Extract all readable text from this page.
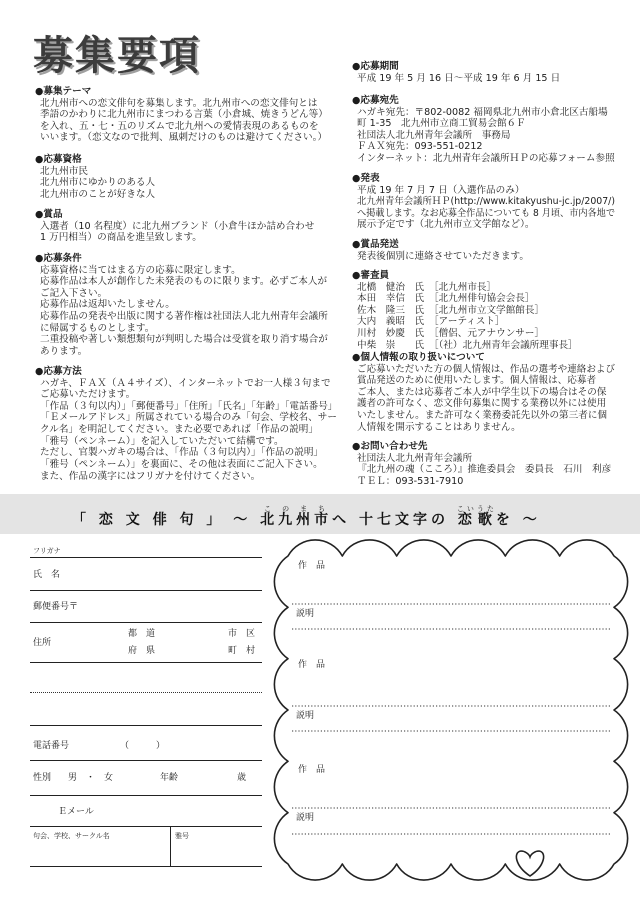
募集要項
●募集テーマ
北九州市への恋文俳句を募集します。北九州市への恋文俳句とは
季語のかわりに北九州市にまつわる言葉（小倉城、焼きうどん等）
を入れ、五・七・五のリズムで北九州への愛情表現のあるものを
いいます。（恋文なので批判、風刺だけのものは避けてください。）
●応募資格
北九州市民
北九州市にゆかりのある人
北九州市のことが好きな人
●賞品
入選者（10 名程度）に北九州ブランド（小倉牛ほか詰め合わせ
1 万円相当）の商品を進呈致します。
●応募条件
応募資格に当てはまる方の応募に限定します。
応募作品は本人が創作した未発表のものに限ります。必ずご本人が
ご記入下さい。
応募作品は返却いたしません。
応募作品の発表や出版に関する著作権は社団法人北九州青年会議所
に帰属するものとします。
二重投稿や著しい類想類句が判明した場合は受賞を取り消す場合が
あります。
●応募方法
ハガキ、ＦＡＸ（Ａ４サイズ）、インターネットでお一人様３句まで
ご応募いただけます。
「作品（３句以内）」「郵便番号」「住所」「氏名」「年齢」「電話番号」
「Ｅメールアドレス」所属されている場合のみ「句会、学校名、サー
クル名」を明記してください。また必要であれば「作品の説明」
「雅号（ペンネーム）」を記入していただいて結構です。
ただし、官製ハガキの場合は、「作品（３句以内）」「作品の説明」
「雅号（ペンネーム）」を裏面に、その他は表面にご記入下さい。
また、作品の漢字にはフリガナを付けてください。
●応募期間
平成 19 年 5 月 16 日～平成 19 年 6 月 15 日
●応募宛先
ハガキ宛先：〒802-0082 福岡県北九州市小倉北区古船場
町 1-35　北九州市立商工貿易会館６Ｆ
社団法人北九州青年会議所　事務局
ＦＡＸ宛先：093-551-0212
インターネット：北九州青年会議所ＨＰの応募フォーム参照
●発表
平成 19 年 7 月 7 日（入選作品のみ）
北九州青年会議所ＨＰ(http://www.kitakyushu-jc.jp/2007/)
へ掲載します。なお応募全作品についても 8 月頃、市内各地で
展示予定です（北九州市立文学館など）。
●賞品発送
発表後個別に連絡させていただきます。
●審査員
北橋　健治　氏　［北九州市長］
本田　幸信　氏　［北九州俳句協会会長］
佐木　隆三　氏　［北九州市立文学館館長］
大内　義昭　氏　［アーティスト］
川村　妙慶　氏　［僧侶、元アナウンサー］
中柴　崇　　氏　［（社）北九州青年会議所理事長］
●個人情報の取り扱いについて
ご応募いただいた方の個人情報は、作品の選考や連絡および
賞品発送のために使用いたします。個人情報は、応募者
ご本人、または応募者ご本人が中学生以下の場合はその保
護者の許可なく、恋文俳句募集に関する業務以外には使用
いたしません。また許可なく業務委託先以外の第三者に個
人情報を開示することはありません。
●お問い合わせ先
社団法人北九州青年会議所
『北九州の魂（こころ）』推進委員会　委員長　石川　利彦
ＴＥＬ：093-531-7910
「 恋 文 俳 句 」 ～ 北九州市このまちへ 十七文字の 恋歌こいうたを ～
フリガナ
氏　名
郵便番号〒
住所
都　道
府　県
市　区
町　村
電話番号	（　　　）
性別 男　・　女	年齢	歳
Ｅメール
句会、学校、サークル名	雅号
作　品
説明
作　品
説明
作　品
説明
